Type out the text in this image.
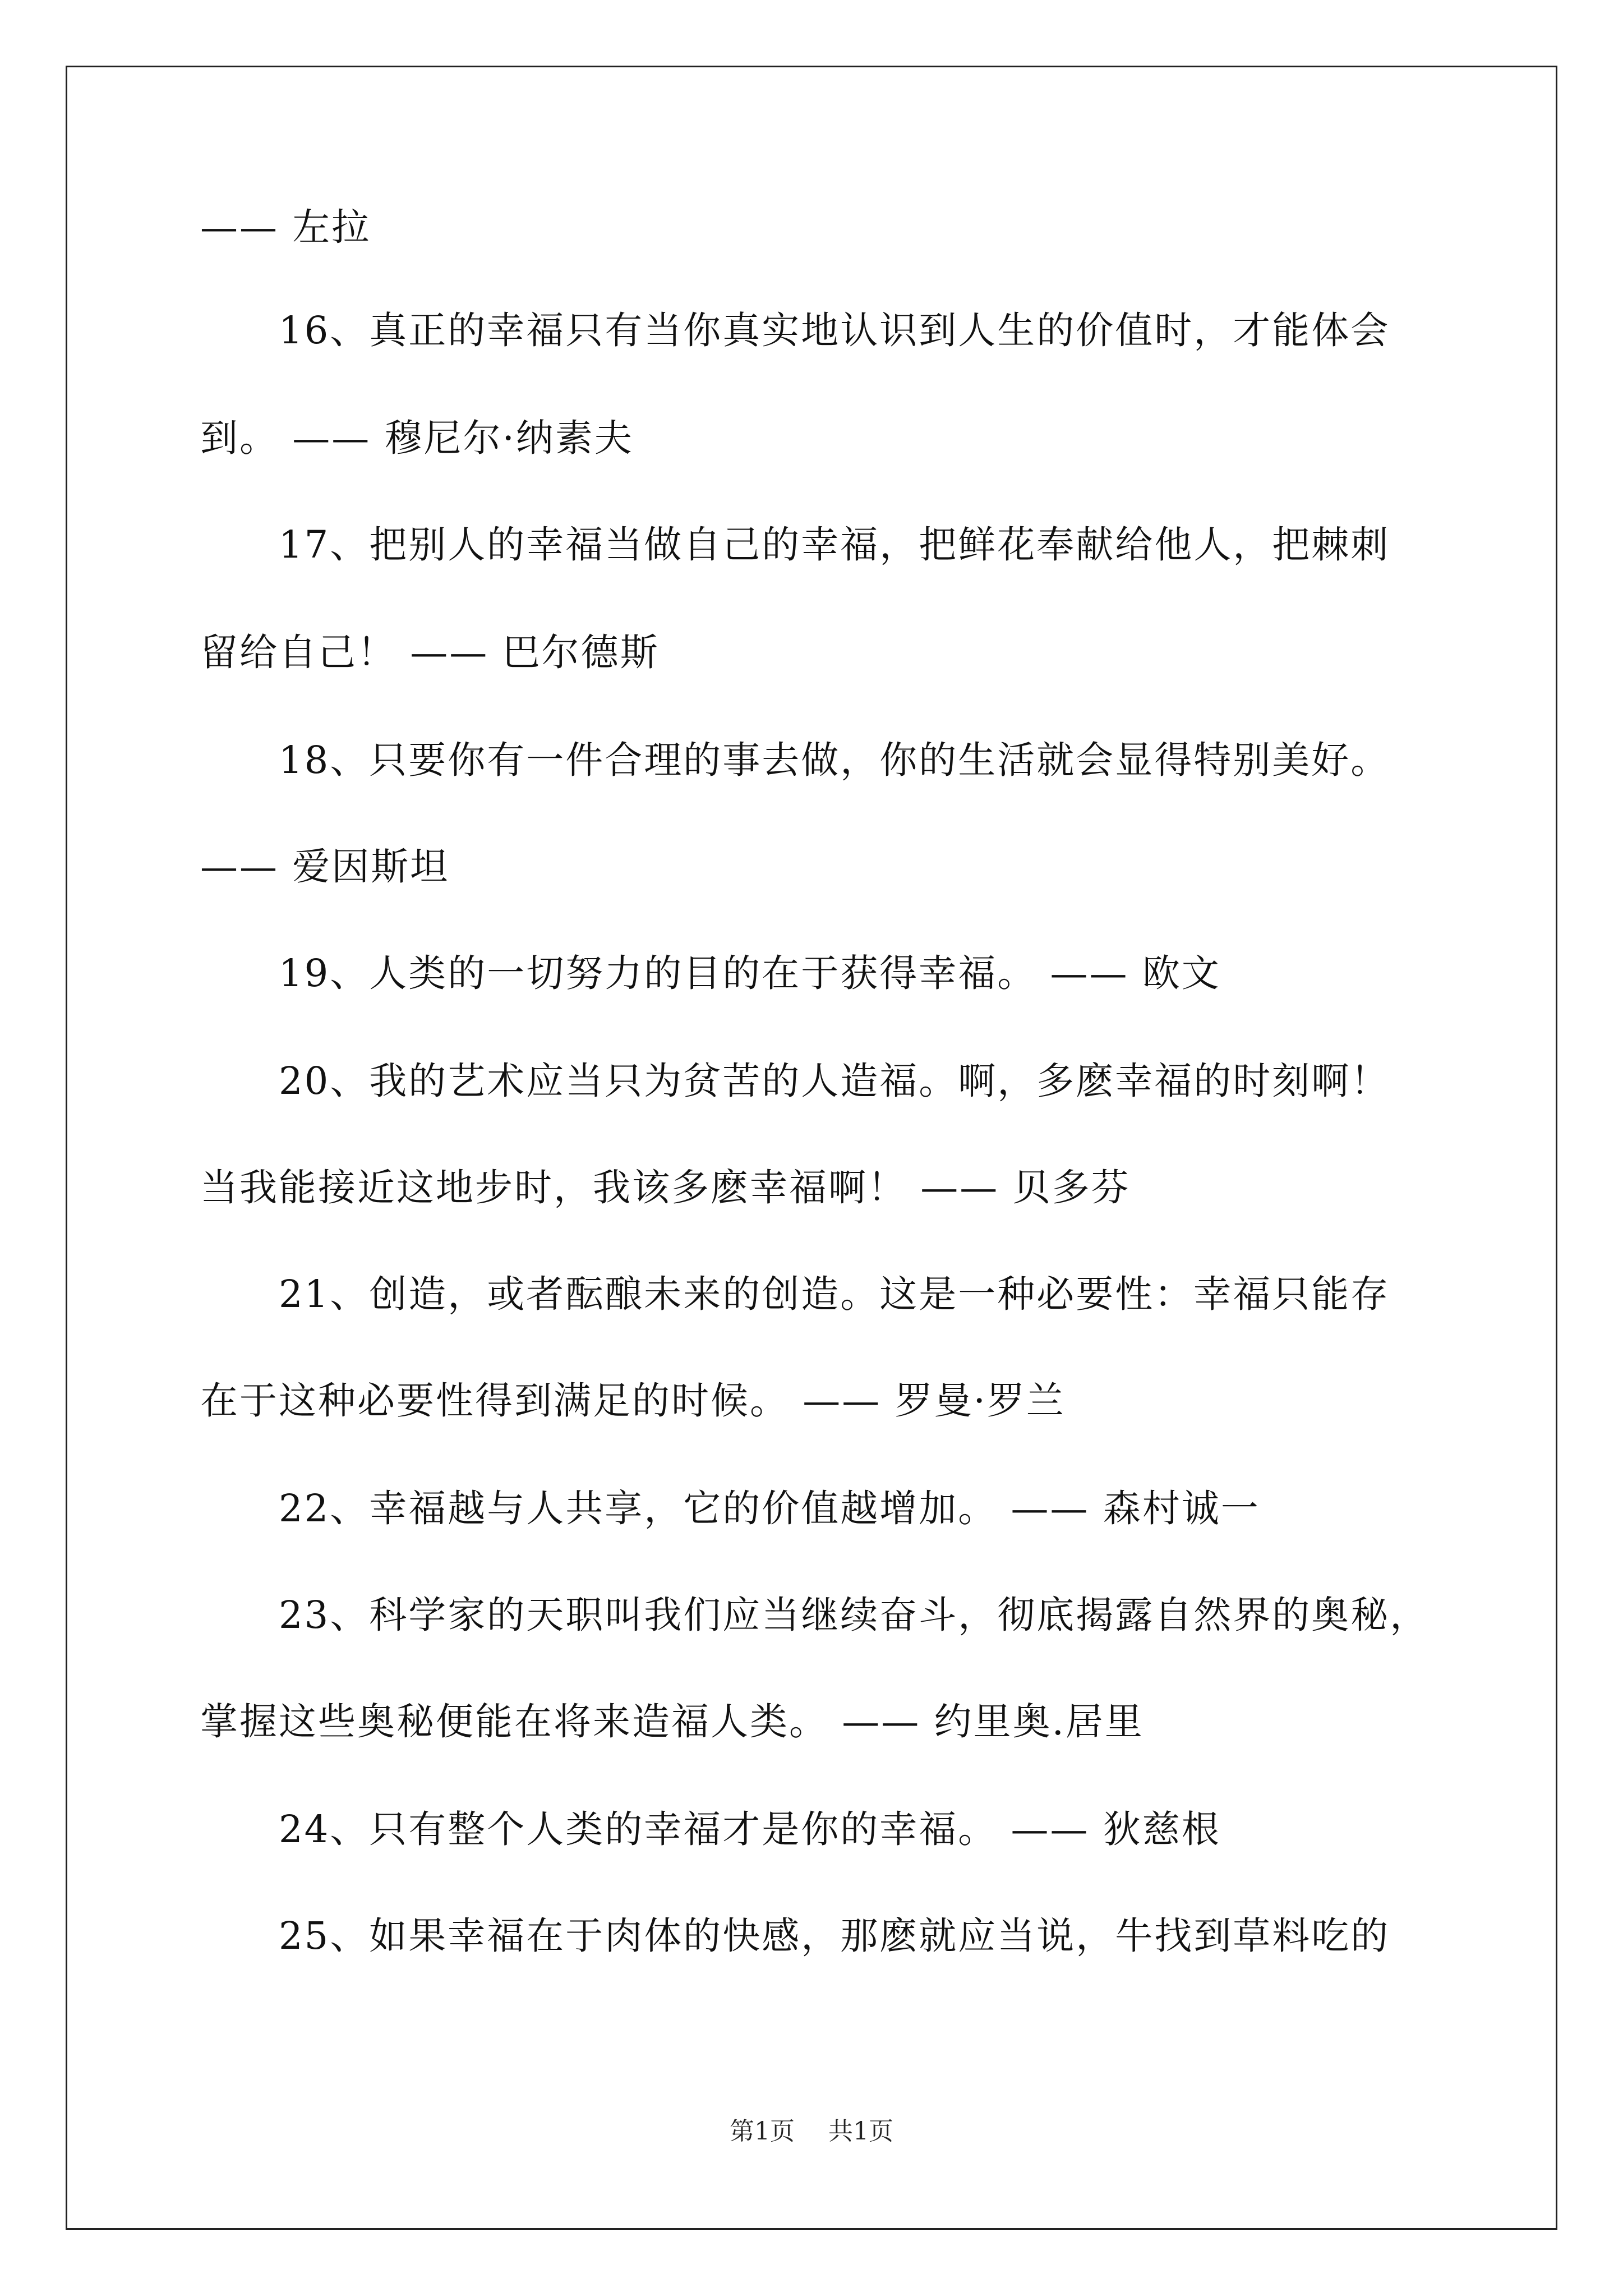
—— 左拉
16、真正的幸福只有当你真实地认识到人生的价值时，才能体会
到。 —— 穆尼尔·纳素夫
17、把别人的幸福当做自己的幸福，把鲜花奉献给他人，把棘刺
留给自己！ —— 巴尔德斯
18、只要你有一件合理的事去做，你的生活就会显得特别美好。
—— 爱因斯坦
19、人类的一切努力的目的在于获得幸福。 —— 欧文
20、我的艺术应当只为贫苦的人造福。啊，多麽幸福的时刻啊！
当我能接近这地步时，我该多麽幸福啊！ —— 贝多芬
21、创造，或者酝酿未来的创造。这是一种必要性：幸福只能存
在于这种必要性得到满足的时候。 —— 罗曼·罗兰
22、幸福越与人共享，它的价值越增加。 —— 森村诚一
23、科学家的天职叫我们应当继续奋斗，彻底揭露自然界的奥秘，
掌握这些奥秘便能在将来造福人类。 —— 约里奥.居里
24、只有整个人类的幸福才是你的幸福。 —— 狄慈根
25、如果幸福在于肉体的快感，那麽就应当说，牛找到草料吃的
第1页 共1页
